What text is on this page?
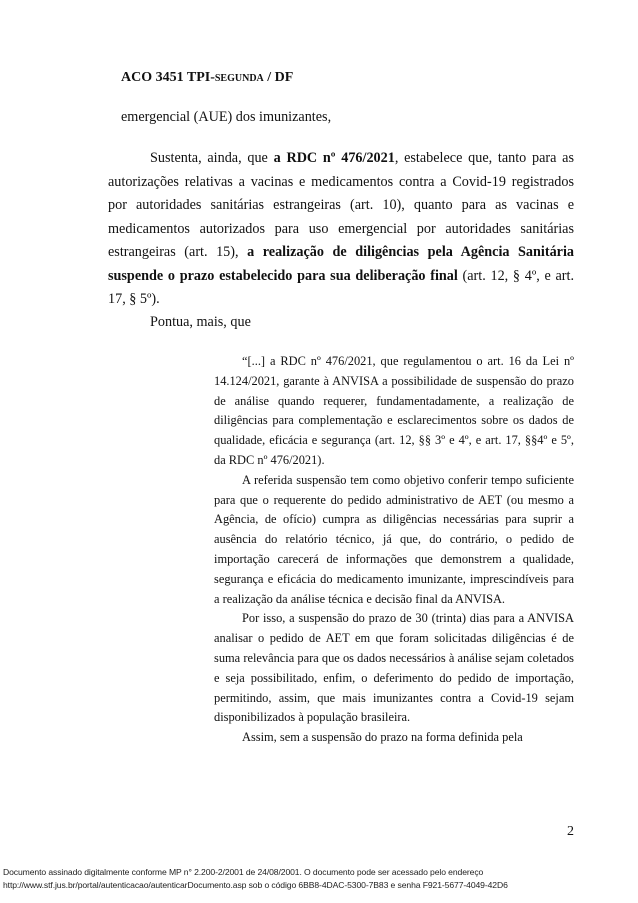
ACO 3451 TPI-segunda / DF
emergencial (AUE) dos imunizantes,
Sustenta, ainda, que a RDC nº 476/2021, estabelece que, tanto para as autorizações relativas a vacinas e medicamentos contra a Covid-19 registrados por autoridades sanitárias estrangeiras (art. 10), quanto para as vacinas e medicamentos autorizados para uso emergencial por autoridades sanitárias estrangeiras (art. 15), a realização de diligências pela Agência Sanitária suspende o prazo estabelecido para sua deliberação final (art. 12, § 4º, e art. 17, § 5º).
Pontua, mais, que

“[...] a RDC nº 476/2021, que regulamentou o art. 16 da Lei nº 14.124/2021, garante à ANVISA a possibilidade de suspensão do prazo de análise quando requerer, fundamentadamente, a realização de diligências para complementação e esclarecimentos sobre os dados de qualidade, eficácia e segurança (art. 12, §§ 3º e 4º, e art. 17, §§4º e 5º, da RDC nº 476/2021).

A referida suspensão tem como objetivo conferir tempo suficiente para que o requerente do pedido administrativo de AET (ou mesmo a Agência, de ofício) cumpra as diligências necessárias para suprir a ausência do relatório técnico, já que, do contrário, o pedido de importação carecerá de informações que demonstrem a qualidade, segurança e eficácia do medicamento imunizante, imprescindíveis para a realização da análise técnica e decisão final da ANVISA.

Por isso, a suspensão do prazo de 30 (trinta) dias para a ANVISA analisar o pedido de AET em que foram solicitadas diligências é de suma relevância para que os dados necessários à análise sejam coletados e seja possibilitado, enfim, o deferimento do pedido de importação, permitindo, assim, que mais imunizantes contra a Covid-19 sejam disponibilizados à população brasileira.

Assim, sem a suspensão do prazo na forma definida pela

2
Documento assinado digitalmente conforme MP n° 2.200-2/2001 de 24/08/2001. O documento pode ser acessado pelo endereço
http://www.stf.jus.br/portal/autenticacao/autenticarDocumento.asp sob o código 6BB8-4DAC-5300-7B83 e senha F921-5677-4049-42D6
